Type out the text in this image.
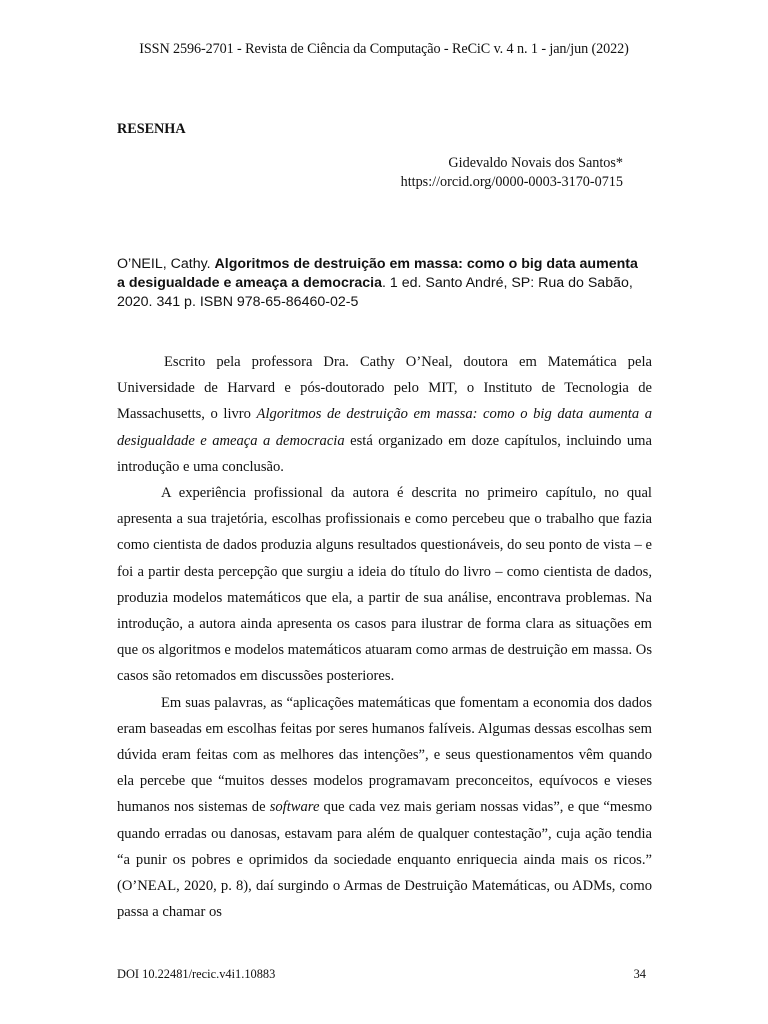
ISSN 2596-2701 - Revista de Ciência da Computação - ReCiC v. 4 n. 1 - jan/jun (2022)
RESENHA
Gidevaldo Novais dos Santos*
https://orcid.org/0000-0003-3170-0715
O’NEIL, Cathy. Algoritmos de destruição em massa: como o big data aumenta a desigualdade e ameaça a democracia. 1 ed. Santo André, SP: Rua do Sabão, 2020. 341 p. ISBN 978-65-86460-02-5

Escrito pela professora Dra. Cathy O’Neal, doutora em Matemática pela Universidade de Harvard e pós-doutorado pelo MIT, o Instituto de Tecnologia de Massachusetts, o livro Algoritmos de destruição em massa: como o big data aumenta a desigualdade e ameaça a democracia está organizado em doze capítulos, incluindo uma introdução e uma conclusão.

A experiência profissional da autora é descrita no primeiro capítulo, no qual apresenta a sua trajetória, escolhas profissionais e como percebeu que o trabalho que fazia como cientista de dados produzia alguns resultados questionáveis, do seu ponto de vista – e foi a partir desta percepção que surgiu a ideia do título do livro – como cientista de dados, produzia modelos matemáticos que ela, a partir de sua análise, encontrava problemas. Na introdução, a autora ainda apresenta os casos para ilustrar de forma clara as situações em que os algoritmos e modelos matemáticos atuaram como armas de destruição em massa. Os casos são retomados em discussões posteriores.

Em suas palavras, as “aplicações matemáticas que fomentam a economia dos dados eram baseadas em escolhas feitas por seres humanos falíveis. Algumas dessas escolhas sem dúvida eram feitas com as melhores das intenções”, e seus questionamentos vêm quando ela percebe que “muitos desses modelos programavam preconceitos, equívocos e vieses humanos nos sistemas de software que cada vez mais geriam nossas vidas”, e que “mesmo quando erradas ou danosas, estavam para além de qualquer contestação”, cuja ação tendia “a punir os pobres e oprimidos da sociedade enquanto enriquecia ainda mais os ricos.” (O’NEAL, 2020, p. 8), daí surgindo o Armas de Destruição Matemáticas, ou ADMs, como passa a chamar os

DOI 10.22481/recic.v4i1.10883	34
